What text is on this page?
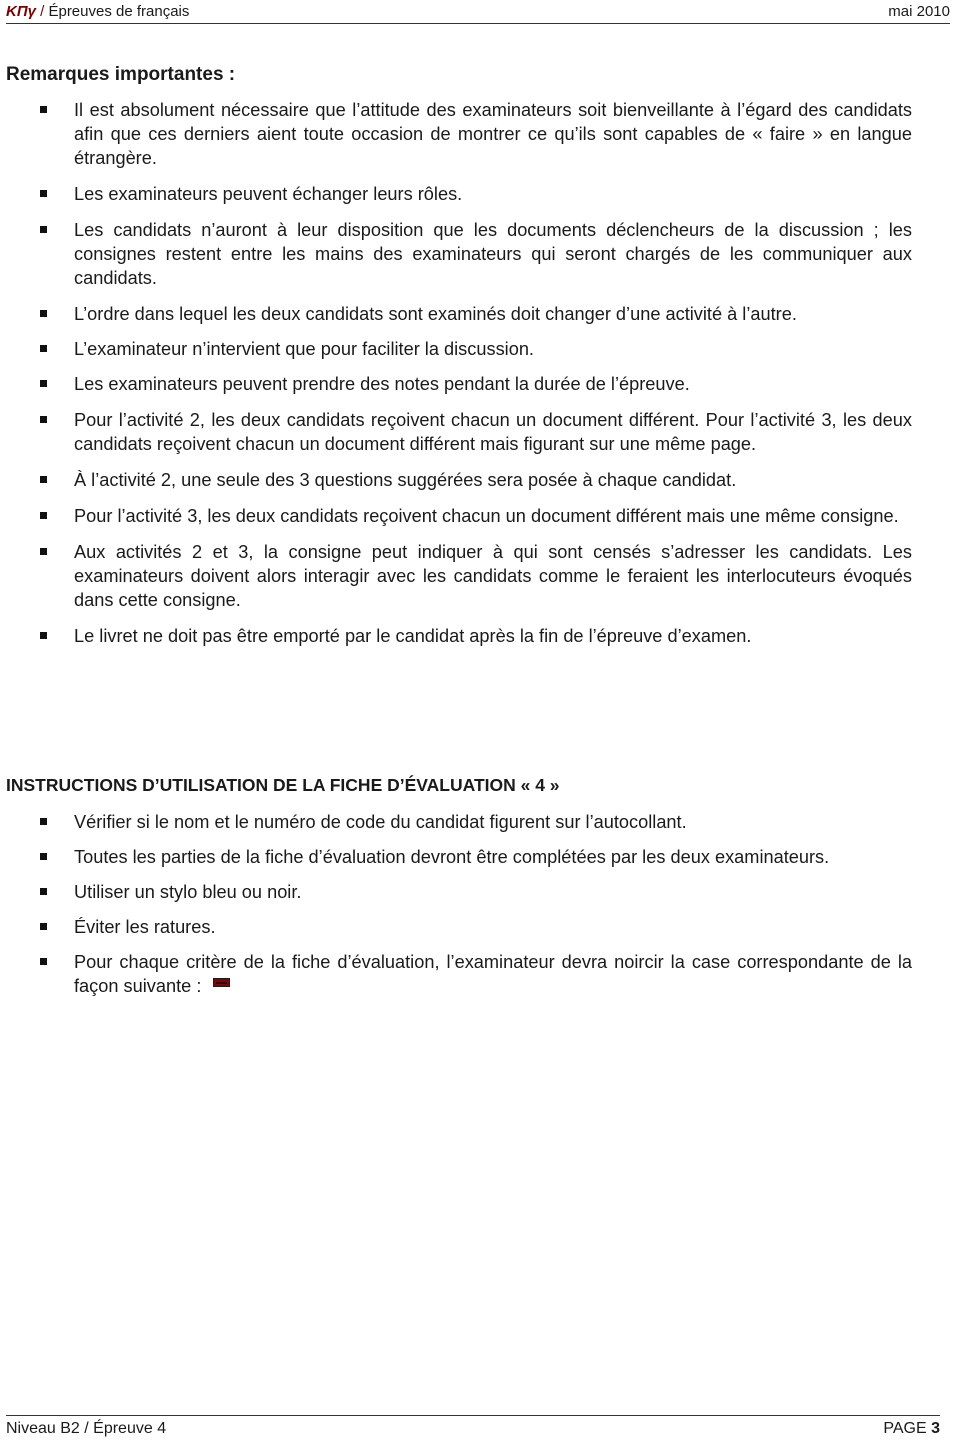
ΚΠγ / Épreuves de français	mai 2010
Remarques importantes :
Il est absolument nécessaire que l’attitude des examinateurs soit bienveillante à l’égard des candidats afin que ces derniers aient toute occasion de montrer ce qu’ils sont capables de « faire » en langue étrangère.
Les examinateurs peuvent échanger leurs rôles.
Les candidats n’auront à leur disposition que les documents déclencheurs de la discussion ; les consignes restent entre les mains des examinateurs qui seront chargés de les communiquer aux candidats.
L’ordre dans lequel les deux candidats sont examinés doit changer d’une activité à l’autre.
L’examinateur n’intervient que pour faciliter la discussion.
Les examinateurs peuvent prendre des notes pendant la durée de l’épreuve.
Pour l’activité 2, les deux candidats reçoivent chacun un document différent. Pour l’activité 3, les deux candidats reçoivent chacun un document différent mais figurant sur une même page.
À l’activité 2, une seule des 3 questions suggérées sera posée à chaque candidat.
Pour l’activité 3, les deux candidats reçoivent chacun un document différent mais une même consigne.
Aux activités 2 et 3, la consigne peut indiquer à qui sont censés s’adresser les candidats. Les examinateurs doivent alors interagir avec les candidats comme le feraient les interlocuteurs évoqués dans cette consigne.
Le livret ne doit pas être emporté par le candidat après la fin de l’épreuve d’examen.
INSTRUCTIONS D’UTILISATION DE LA FICHE D’ÉVALUATION « 4 »
Vérifier si le nom et le numéro de code du candidat figurent sur l’autocollant.
Toutes les parties de la fiche d’évaluation devront être complétées par les deux examinateurs.
Utiliser un stylo bleu ou noir.
Éviter les ratures.
Pour chaque critère de la fiche d’évaluation, l’examinateur devra noircir la case correspondante de la façon suivante :
Niveau B2 / Épreuve 4	PAGE 3
